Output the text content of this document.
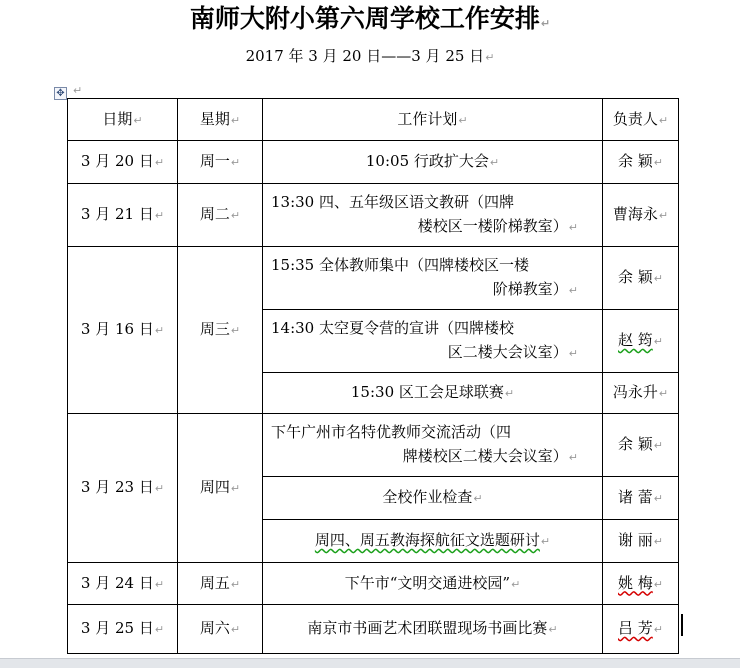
南师大附小第六周学校工作安排↵
2017 年 3 月 20 日——3 月 25 日↵
✥ ↵
日期↵	星期↵	工作计划↵	负责人↵
3 月 20 日↵	周一↵	10:05 行政扩大会↵	余 颖↵
3 月 21 日↵	周二↵	13:30 四、五年级区语文教研（四牌
楼校区一楼阶梯教室）↵	曹海永↵
3 月 16 日↵	周三↵	15:35 全体教师集中（四牌楼校区一楼
阶梯教室）↵	余 颖↵
		14:30 太空夏令营的宣讲（四牌楼校
区二楼大会议室）↵	赵 筠↵
		15:30 区工会足球联赛↵	冯永升↵
3 月 23 日↵	周四↵	下午广州市名特优教师交流活动（四
牌楼校区二楼大会议室）↵	余 颖↵
		全校作业检查↵	诸 蕾↵
		周四、周五教海探航征文选题研讨↵	谢 丽↵
3 月 24 日↵	周五↵	下午市“文明交通进校园”↵	姚 梅↵
3 月 25 日↵	周六↵	南京市书画艺术团联盟现场书画比赛↵	吕 芳↵
